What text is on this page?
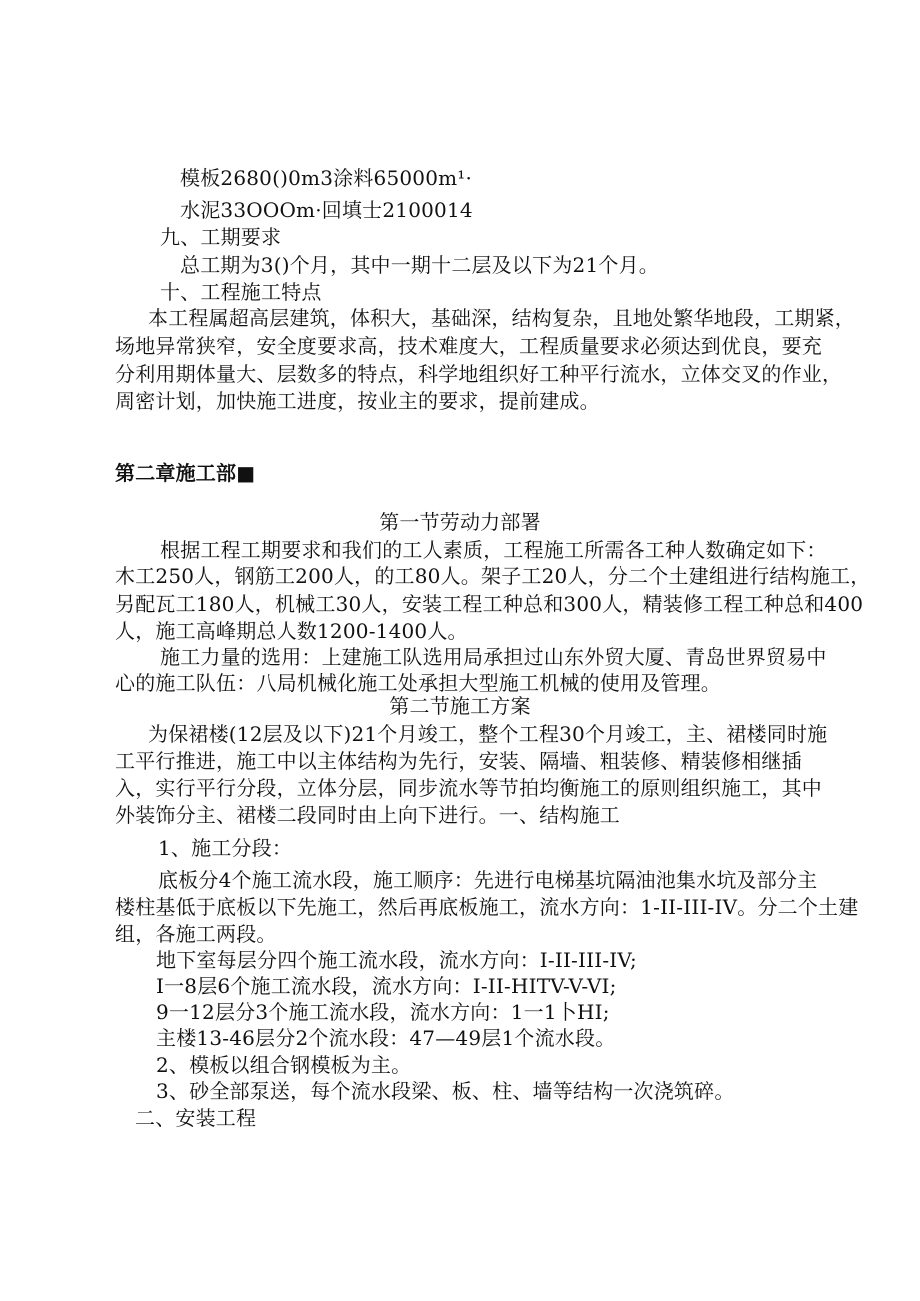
模板2680()0m3涂料65000m¹·

水泥33OOOm·回填士2100014

九、工期要求

总工期为3()个月，其中一期十二层及以下为21个月。

十、工程施工特点

本工程属超高层建筑，体积大，基础深，结构复杂，且地处繁华地段，工期紧，

场地异常狭窄，安全度要求高，技术难度大，工程质量要求必须达到优良，要充

分利用期体量大、层数多的特点，科学地组织好工种平行流水，立体交叉的作业，

周密计划，加快施工进度，按业主的要求，提前建成。

第二章施工部■

第一节劳动力部署

根据工程工期要求和我们的工人素质，工程施工所需各工种人数确定如下：

木工250人，钢筋工200人，的工80人。架子工20人，分二个土建组进行结构施工，

另配瓦工180人，机械工30人，安装工程工种总和300人，精装修工程工种总和400

人，施工高峰期总人数1200-1400人。

施工力量的选用：上建施工队选用局承担过山东外贸大厦、青岛世界贸易中

心的施工队伍：八局机械化施工处承担大型施工机械的使用及管理。

第二节施工方案

为保裙楼(12层及以下)21个月竣工，整个工程30个月竣工，主、裙楼同时施

工平行推进，施工中以主体结构为先行，安装、隔墙、粗装修、精装修相继插

入，实行平行分段，立体分层，同步流水等节拍均衡施工的原则组织施工，其中

外装饰分主、裙楼二段同时由上向下进行。一、结构施工

1、施工分段：

底板分4个施工流水段，施工顺序：先进行电梯基坑隔油池集水坑及部分主

楼柱基低于底板以下先施工，然后再底板施工，流水方向：1-II-III-IV。分二个土建

组，各施工两段。

地下室每层分四个施工流水段，流水方向：I-II-III-IV;

I一8层6个施工流水段，流水方向：I-II-HITV-V-VI;

9一12层分3个施工流水段，流水方向：1一1卜HI;

主楼13-46层分2个流水段：47—49层1个流水段。

2、模板以组合钢模板为主。

3、砂全部泵送，每个流水段梁、板、柱、墙等结构一次浇筑碎。

二、安装工程
